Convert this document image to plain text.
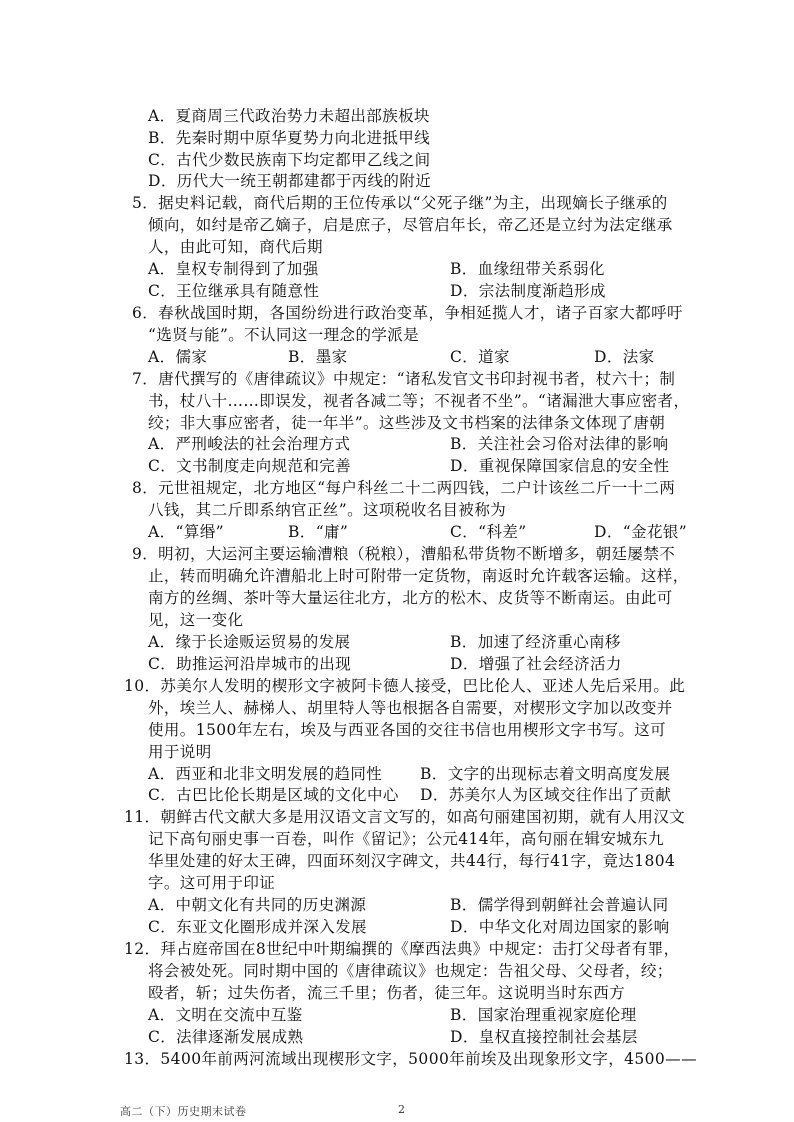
A．夏商周三代政治势力未超出部族板块
B．先秦时期中原华夏势力向北进抵甲线
C．古代少数民族南下均定都甲乙线之间
D．历代大一统王朝都建都于丙线的附近
5．据史料记载，商代后期的王位传承以“父死子继”为主，出现嫡长子继承的
倾向，如纣是帝乙嫡子，启是庶子，尽管启年长，帝乙还是立纣为法定继承
人，由此可知，商代后期
A．皇权专制得到了加强	B．血缘纽带关系弱化
C．王位继承具有随意性	D．宗法制度渐趋形成
6．春秋战国时期，各国纷纷进行政治变革，争相延揽人才，诸子百家大都呼吁
“选贤与能”。不认同这一理念的学派是
A．儒家	B．墨家	C．道家	D．法家
7．唐代撰写的《唐律疏议》中规定：“诸私发官文书印封视书者，杖六十；制
书，杖八十……即误发，视者各减二等；不视者不坐”。“诸漏泄大事应密者，
绞；非大事应密者，徒一年半”。这些涉及文书档案的法律条文体现了唐朝
A．严刑峻法的社会治理方式	B．关注社会习俗对法律的影响
C．文书制度走向规范和完善	D．重视保障国家信息的安全性
8．元世祖规定，北方地区“每户科丝二十二两四钱，二户计该丝二斤一十二两
八钱，其二斤即系纳官正丝”。这项税收名目被称为
A．“算缗”	B．“庸”	C．“科差”	D．“金花银”
9．明初，大运河主要运输漕粮（税粮），漕船私带货物不断增多，朝廷屡禁不
止，转而明确允许漕船北上时可附带一定货物，南返时允许载客运输。这样，
南方的丝绸、茶叶等大量运往北方，北方的松木、皮货等不断南运。由此可
见，这一变化
A．缘于长途贩运贸易的发展	B．加速了经济重心南移
C．助推运河沿岸城市的出现	D．增强了社会经济活力
10．苏美尔人发明的楔形文字被阿卡德人接受，巴比伦人、亚述人先后采用。此
外，埃兰人、赫梯人、胡里特人等也根据各自需要，对楔形文字加以改变并
使用。1500年左右，埃及与西亚各国的交往书信也用楔形文字书写。这可
用于说明
A．西亚和北非文明发展的趋同性 B．文字的出现标志着文明高度发展
C．古巴比伦长期是区域的文化中心 D．苏美尔人为区域交往作出了贡献
11．朝鲜古代文献大多是用汉语文言文写的，如高句丽建国初期，就有人用汉文
记下高句丽史事一百卷，叫作《留记》；公元414年，高句丽在辑安城东九
华里处建的好太王碑，四面环刻汉字碑文，共44行，每行41字，竟达1804
字。这可用于印证
A．中朝文化有共同的历史渊源	B．儒学得到朝鲜社会普遍认同
C．东亚文化圈形成并深入发展	D．中华文化对周边国家的影响
12．拜占庭帝国在8世纪中叶期编撰的《摩西法典》中规定：击打父母者有罪，
将会被处死。同时期中国的《唐律疏议》也规定：告祖父母、父母者，绞；
殴者，斩；过失伤者，流三千里；伤者，徒三年。这说明当时东西方
A．文明在交流中互鉴	B．国家治理重视家庭伦理
C．法律逐渐发展成熟	D．皇权直接控制社会基层
13．5400年前两河流域出现楔形文字，5000年前埃及出现象形文字，4500——
高二（下）历史期末试卷	2
